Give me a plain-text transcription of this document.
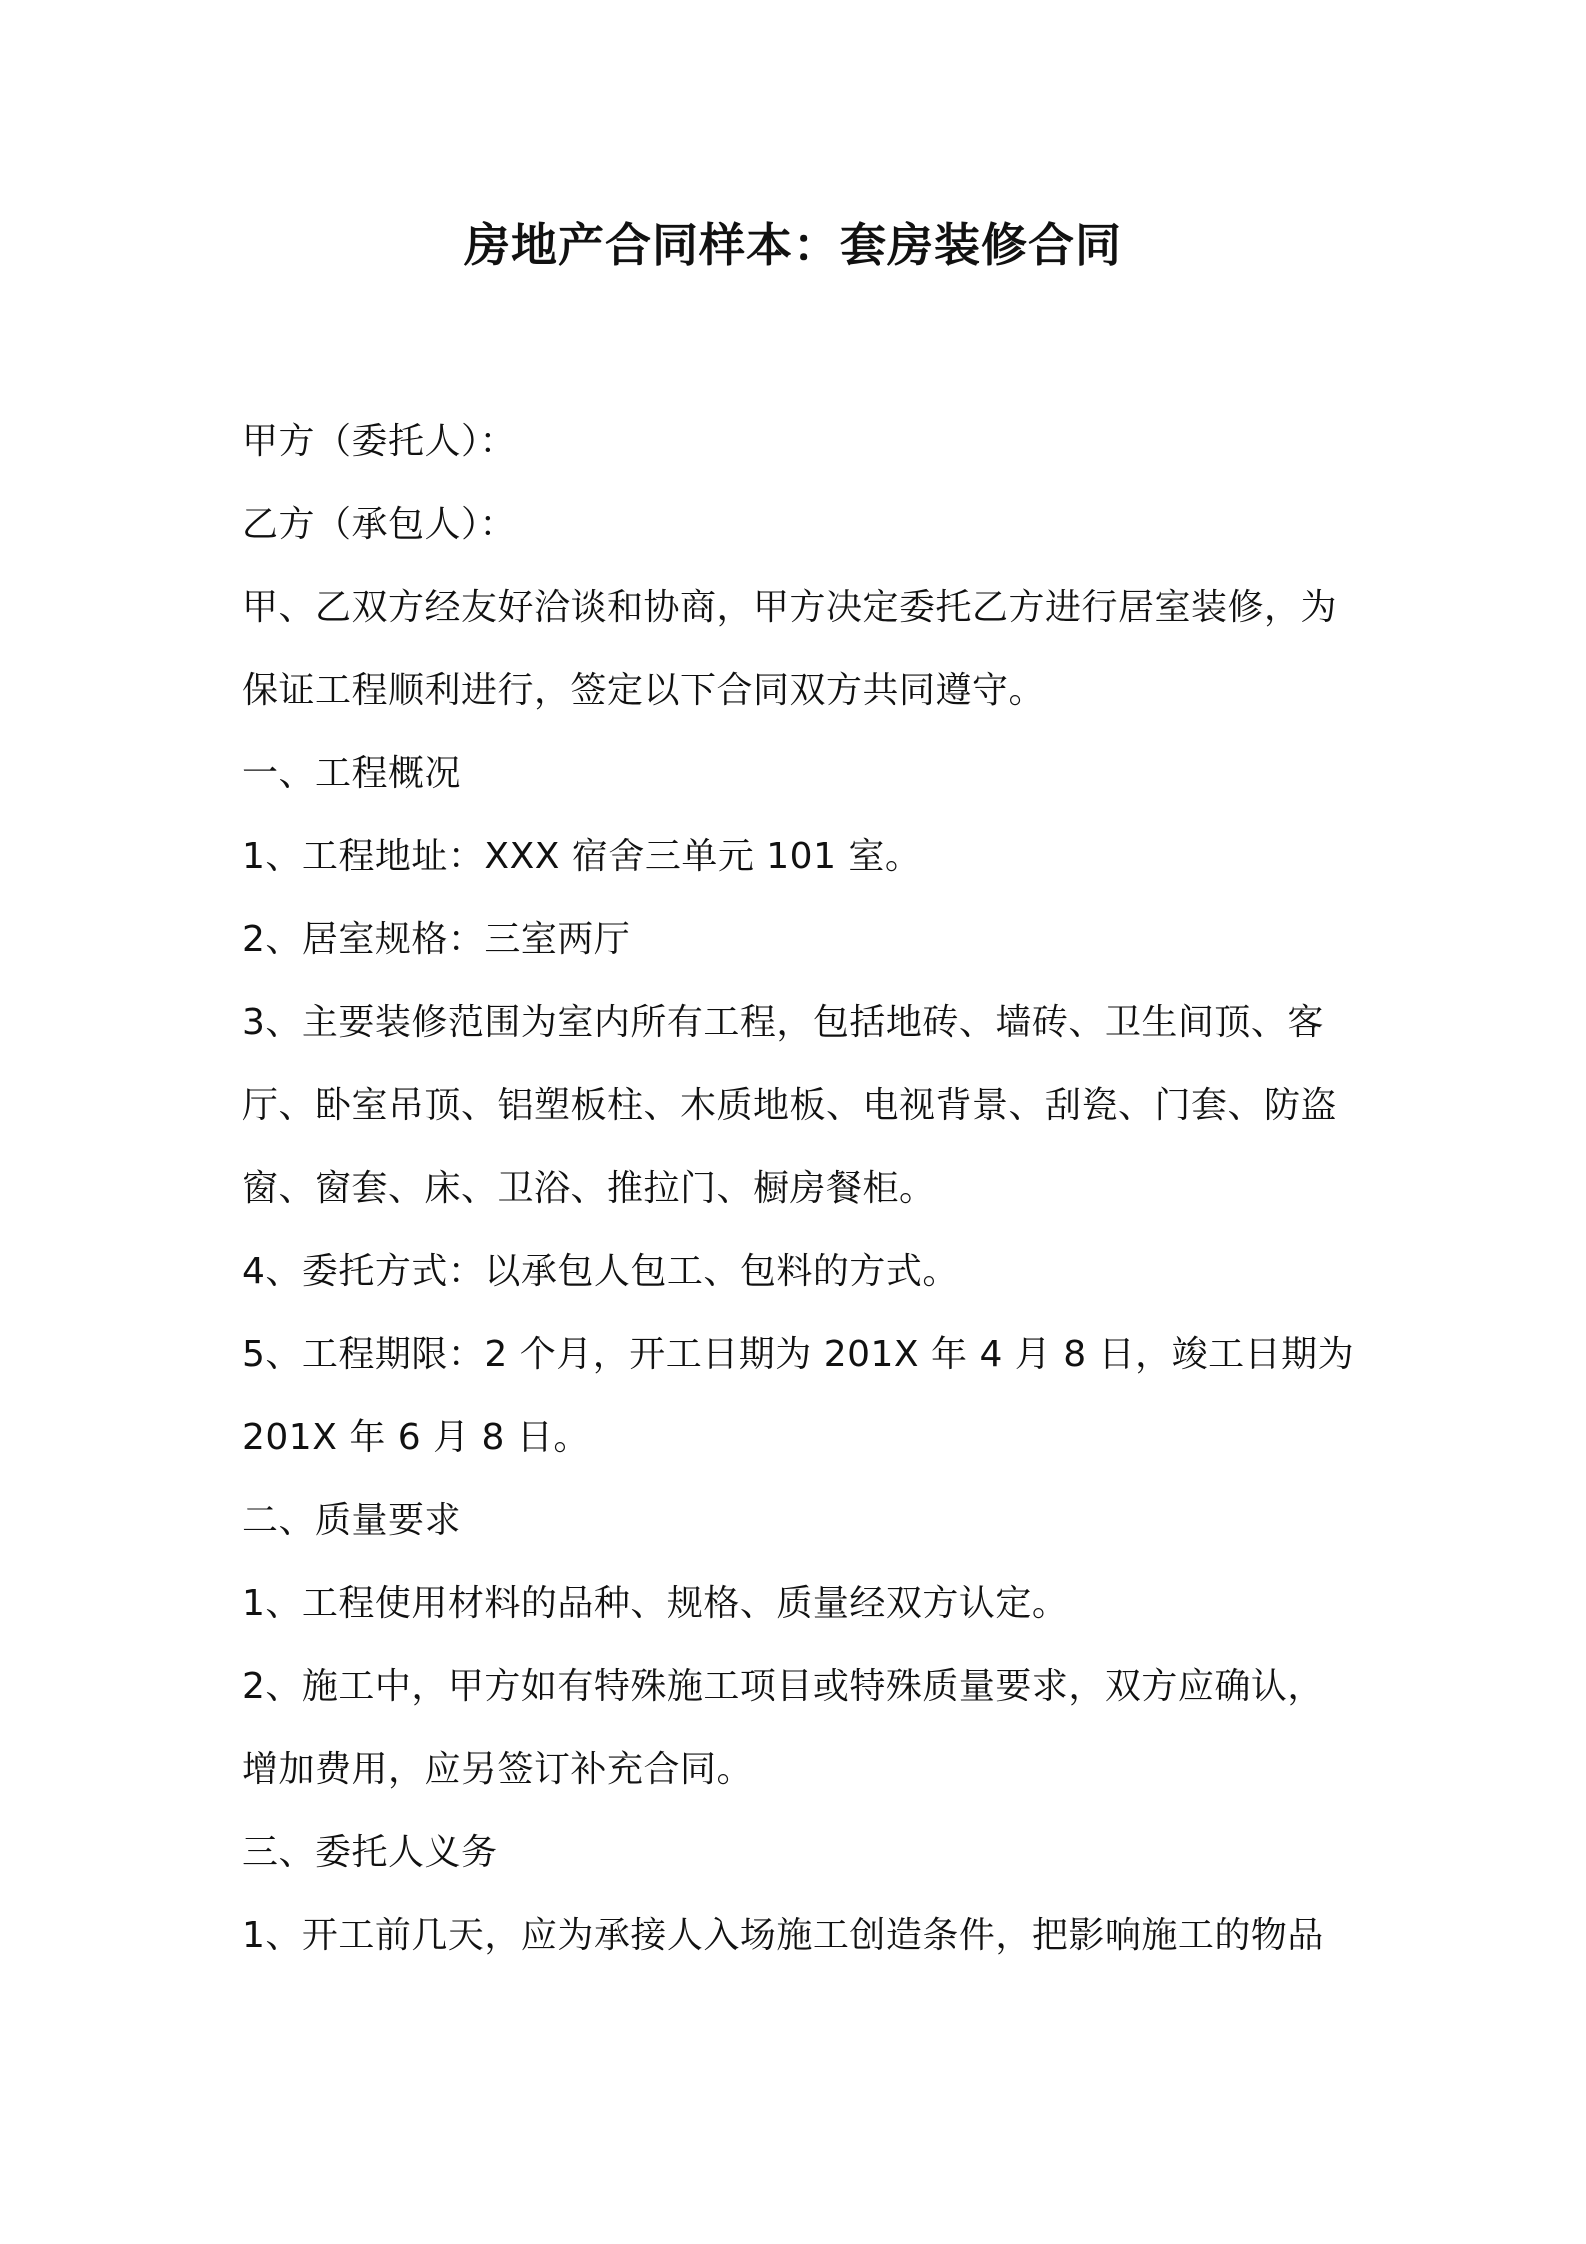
房地产合同样本：套房装修合同
甲方（委托人）：
乙方（承包人）：
甲、乙双方经友好洽谈和协商，甲方决定委托乙方进行居室装修，为
保证工程顺利进行，签定以下合同双方共同遵守。
一、工程概况
1、工程地址：XXX 宿舍三单元 101 室。
2、居室规格：三室两厅
3、主要装修范围为室内所有工程，包括地砖、墙砖、卫生间顶、客
厅、卧室吊顶、铝塑板柱、木质地板、电视背景、刮瓷、门套、防盗
窗、窗套、床、卫浴、推拉门、橱房餐柜。
4、委托方式：以承包人包工、包料的方式。
5、工程期限：2 个月，开工日期为 201X 年 4 月 8 日，竣工日期为
201X 年 6 月 8 日。
二、质量要求
1、工程使用材料的品种、规格、质量经双方认定。
2、施工中，甲方如有特殊施工项目或特殊质量要求，双方应确认，
增加费用，应另签订补充合同。
三、委托人义务
1、开工前几天，应为承接人入场施工创造条件，把影响施工的物品
